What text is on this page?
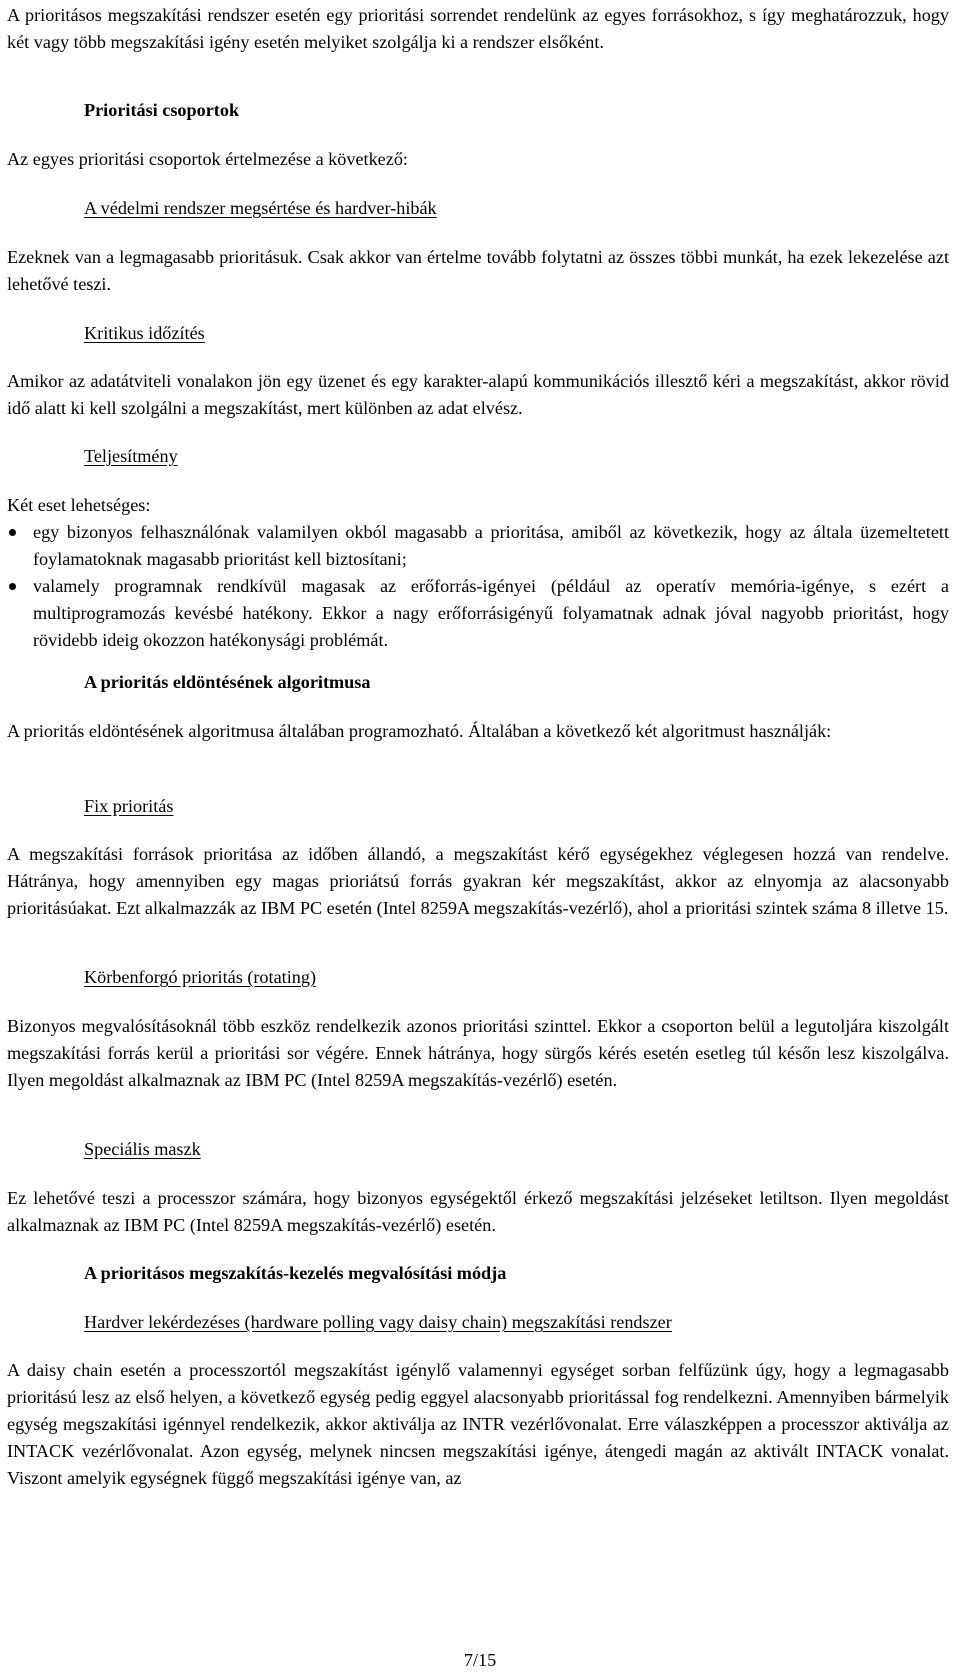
A prioritásos megszakítási rendszer esetén egy prioritási sorrendet rendelünk az egyes forrásokhoz, s így meghatározzuk, hogy két vagy több megszakítási igény esetén melyiket szolgálja ki a rendszer elsőként.

Prioritási csoportok

Az egyes prioritási csoportok értelmezése a következő:

A védelmi rendszer megsértése és hardver-hibák

Ezeknek van a legmagasabb prioritásuk. Csak akkor van értelme tovább folytatni az összes többi munkát, ha ezek lekezelése azt lehetővé teszi.

Kritikus időzítés

Amikor az adatátviteli vonalakon jön egy üzenet és egy karakter-alapú kommunikációs illesztő kéri a megszakítást, akkor rövid idő alatt ki kell szolgálni a megszakítást, mert különben az adat elvész.

Teljesítmény

Két eset lehetséges:

egy bizonyos felhasználónak valamilyen okból magasabb a prioritása, amiből az következik, hogy az általa üzemeltetett foylamatoknak magasabb prioritást kell biztosítani;

valamely programnak rendkívül magasak az erőforrás-igényei (például az operatív memória-igénye, s ezért a multiprogramozás kevésbé hatékony. Ekkor a nagy erőforrásigényű folyamatnak adnak jóval nagyobb prioritást, hogy rövidebb ideig okozzon hatékonysági problémát.

A prioritás eldöntésének algoritmusa

A prioritás eldöntésének algoritmusa általában programozható. Általában a következő két algoritmust használják:

Fix prioritás

A megszakítási források prioritása az időben állandó, a megszakítást kérő egységekhez véglegesen hozzá van rendelve. Hátránya, hogy amennyiben egy magas prioriátsú forrás gyakran kér megszakítást, akkor az elnyomja az alacsonyabb prioritásúakat. Ezt alkalmazzák az IBM PC esetén (Intel 8259A megszakítás-vezérlő), ahol a prioritási szintek száma 8 illetve 15.

Körbenforgó prioritás (rotating)

Bizonyos megvalósításoknál több eszköz rendelkezik azonos prioritási szinttel. Ekkor a csoporton belül a legutoljára kiszolgált megszakítási forrás kerül a prioritási sor végére. Ennek hátránya, hogy sürgős kérés esetén esetleg túl későn lesz kiszolgálva. Ilyen megoldást alkalmaznak az IBM PC (Intel 8259A megszakítás-vezérlő) esetén.

Speciális maszk

Ez lehetővé teszi a processzor számára, hogy bizonyos egységektől érkező megszakítási jelzéseket letiltson. Ilyen megoldást alkalmaznak az IBM PC (Intel 8259A megszakítás-vezérlő) esetén.

A prioritásos megszakítás-kezelés megvalósítási módja
Hardver lekérdezéses (hardware polling vagy daisy chain) megszakítási rendszer

A daisy chain esetén a processzortól megszakítást igénylő valamennyi egységet sorban felfűzünk úgy, hogy a legmagasabb prioritású lesz az első helyen, a következő egység pedig eggyel alacsonyabb prioritással fog rendelkezni. Amennyiben bármelyik egység megszakítási igénnyel rendelkezik, akkor aktiválja az INTR vezérlővonalat. Erre válaszképpen a processzor aktiválja az INTACK vezérlővonalat. Azon egység, melynek nincsen megszakítási igénye, átengedi magán az aktivált INTACK vonalat. Viszont amelyik egységnek függő megszakítási igénye van, az

7/15
